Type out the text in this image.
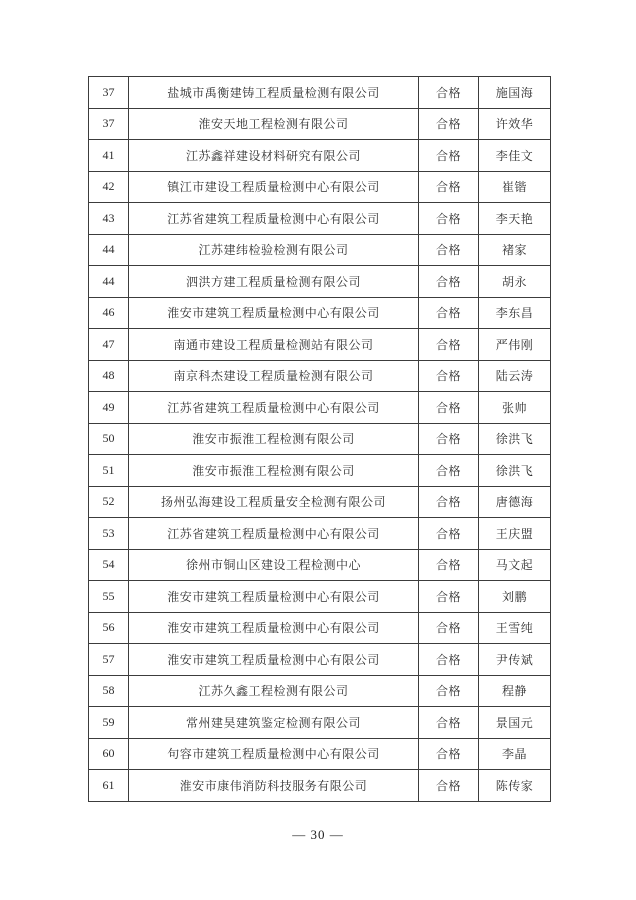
37	盐城市禹衡建铸工程质量检测有限公司	合格	施国海
37	淮安天地工程检测有限公司	合格	许效华
41	江苏鑫祥建设材料研究有限公司	合格	李佳文
42	镇江市建设工程质量检测中心有限公司	合格	崔锴
43	江苏省建筑工程质量检测中心有限公司	合格	李天艳
44	江苏建纬检验检测有限公司	合格	褚家
44	泗洪方建工程质量检测有限公司	合格	胡永
46	淮安市建筑工程质量检测中心有限公司	合格	李东昌
47	南通市建设工程质量检测站有限公司	合格	严伟刚
48	南京科杰建设工程质量检测有限公司	合格	陆云涛
49	江苏省建筑工程质量检测中心有限公司	合格	张帅
50	淮安市振淮工程检测有限公司	合格	徐洪飞
51	淮安市振淮工程检测有限公司	合格	徐洪飞
52	扬州弘海建设工程质量安全检测有限公司	合格	唐德海
53	江苏省建筑工程质量检测中心有限公司	合格	王庆盟
54	徐州市铜山区建设工程检测中心	合格	马文起
55	淮安市建筑工程质量检测中心有限公司	合格	刘鹏
56	淮安市建筑工程质量检测中心有限公司	合格	王雪纯
57	淮安市建筑工程质量检测中心有限公司	合格	尹传斌
58	江苏久鑫工程检测有限公司	合格	程静
59	常州建昊建筑鉴定检测有限公司	合格	景国元
60	句容市建筑工程质量检测中心有限公司	合格	李晶
61	淮安市康伟消防科技服务有限公司	合格	陈传家
— 30 —
